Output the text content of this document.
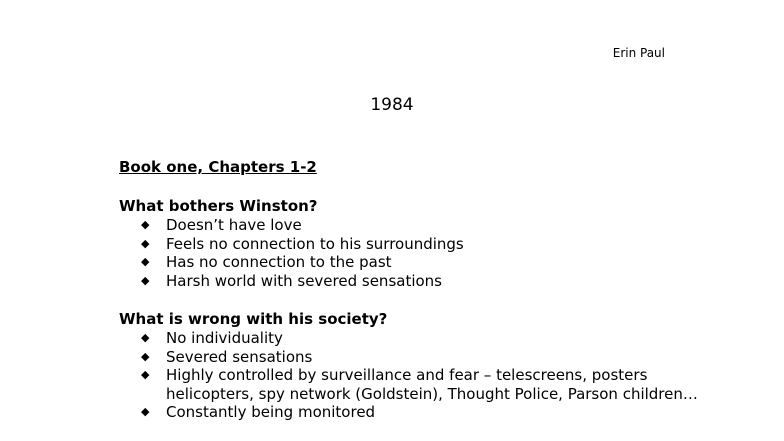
Erin Paul
1984
Book one, Chapters 1-2
What bothers Winston?
◆ Doesn’t have love
◆ Feels no connection to his surroundings
◆ Has no connection to the past
◆ Harsh world with severed sensations
What is wrong with his society?
◆ No individuality
◆ Severed sensations
◆ Highly controlled by surveillance and fear – telescreens, posters helicopters, spy network (Goldstein), Thought Police, Parson children…
◆ Constantly being monitored
